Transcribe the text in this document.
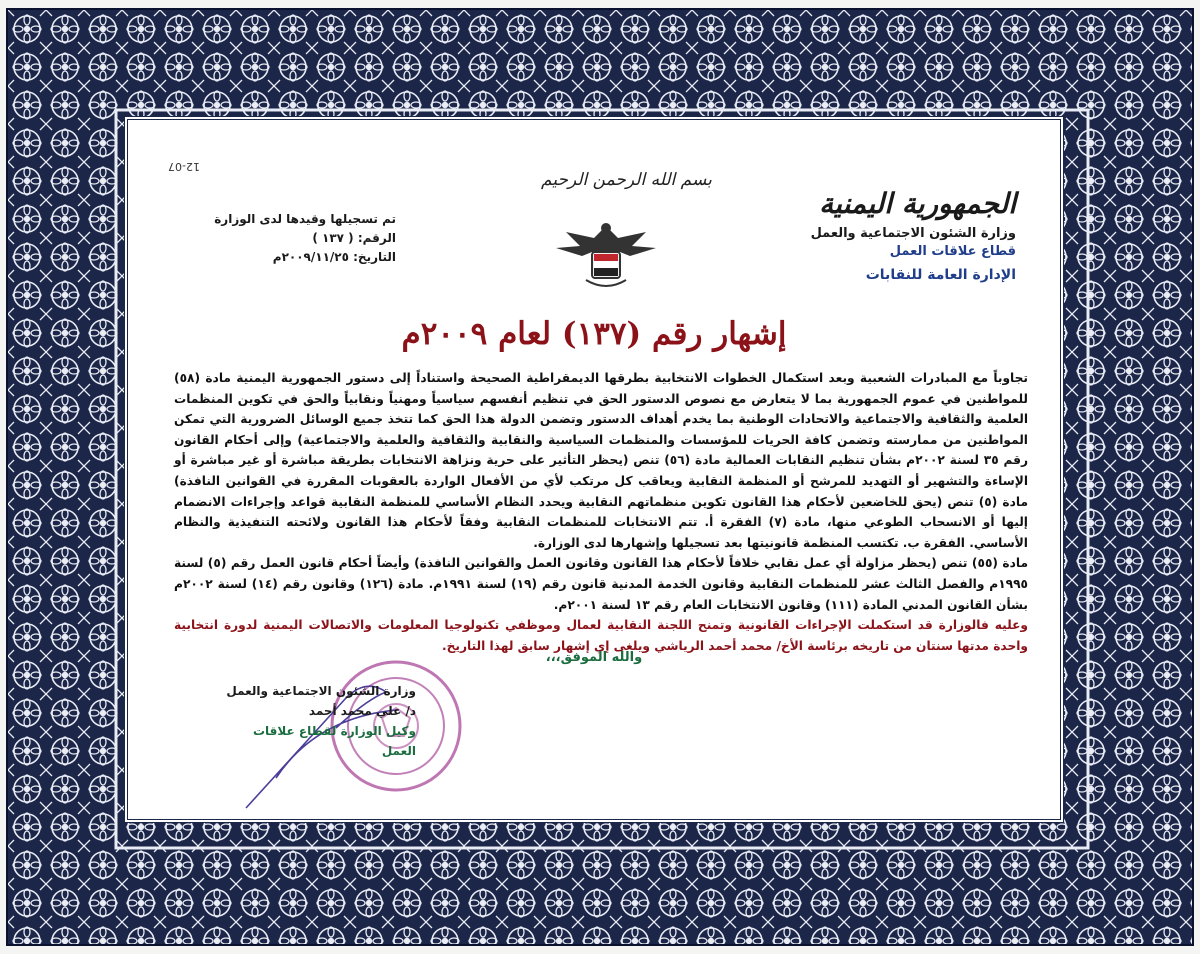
12-07
بسم الله الرحمن الرحيم
الجمهورية اليمنية
وزارة الشئون الاجتماعية والعمل
قطاع علاقات العمل
الإدارة العامة للنقابات
تم تسجيلها وقيدها لدى الوزارة
الرقم: ( ١٣٧ )
التاريخ: ٢٠٠٩/١١/٢٥م
إشهار رقم (١٣٧) لعام ٢٠٠٩م

تجاوباً مع المبادرات الشعبية وبعد استكمال الخطوات الانتخابية بطرقها الديمقراطية الصحيحة واستناداً إلى دستور الجمهورية اليمنية مادة (٥٨) للمواطنين في عموم الجمهورية بما لا يتعارض مع نصوص الدستور الحق في تنظيم أنفسهم سياسياً ومهنياً ونقابياً والحق في تكوين المنظمات العلمية والثقافية والاجتماعية والاتحادات الوطنية بما يخدم أهداف الدستور وتضمن الدولة هذا الحق كما تتخذ جميع الوسائل الضرورية التي تمكن المواطنين من ممارسته وتضمن كافة الحريات للمؤسسات والمنظمات السياسية والنقابية والثقافية والعلمية والاجتماعية) وإلى أحكام القانون رقم ٣٥ لسنة ٢٠٠٢م بشأن تنظيم النقابات العمالية مادة (٥٦) تنص (يحظر التأثير على حرية ونزاهة الانتخابات بطريقة مباشرة أو غير مباشرة أو الإساءة والتشهير أو التهديد للمرشح أو المنظمة النقابية ويعاقب كل مرتكب لأي من الأفعال الواردة بالعقوبات المقررة في القوانين النافذة) مادة (٥) تنص (يحق للخاضعين لأحكام هذا القانون تكوين منظماتهم النقابية ويحدد النظام الأساسي للمنظمة النقابية قواعد وإجراءات الانضمام إليها أو الانسحاب الطوعي منها، مادة (٧) الفقرة أ. تتم الانتخابات للمنظمات النقابية وفقاً لأحكام هذا القانون ولائحته التنفيذية والنظام الأساسي. الفقرة ب. تكتسب المنظمة قانونيتها بعد تسجيلها وإشهارها لدى الوزارة.

مادة (٥٥) تنص (يحظر مزاولة أي عمل نقابي خلافاً لأحكام هذا القانون وقانون العمل والقوانين النافذة) وأيضاً أحكام قانون العمل رقم (٥) لسنة ١٩٩٥م والفصل الثالث عشر للمنظمات النقابية وقانون الخدمة المدنية قانون رقم (١٩) لسنة ١٩٩١م. مادة (١٢٦) وقانون رقم (١٤) لسنة ٢٠٠٢م بشأن القانون المدني المادة (١١١) وقانون الانتخابات العام رقم ١٣ لسنة ٢٠٠١م.

وعليه فالوزارة قد استكملت الإجراءات القانونية وتمنح اللجنة النقابية لعمال وموظفي تكنولوجيا المعلومات والاتصالات اليمنية لدورة انتخابية واحدة مدتها سنتان من تاريخه برئاسة الأخ/ محمد أحمد الرياشي ويلغى إي إشهار سابق لهذا التاريخ.

والله الموفق،،،
وزارة الشئون الاجتماعية والعمل
د/ علي محمد أحمد
وكيل الوزارة لقطاع علاقات العمل
